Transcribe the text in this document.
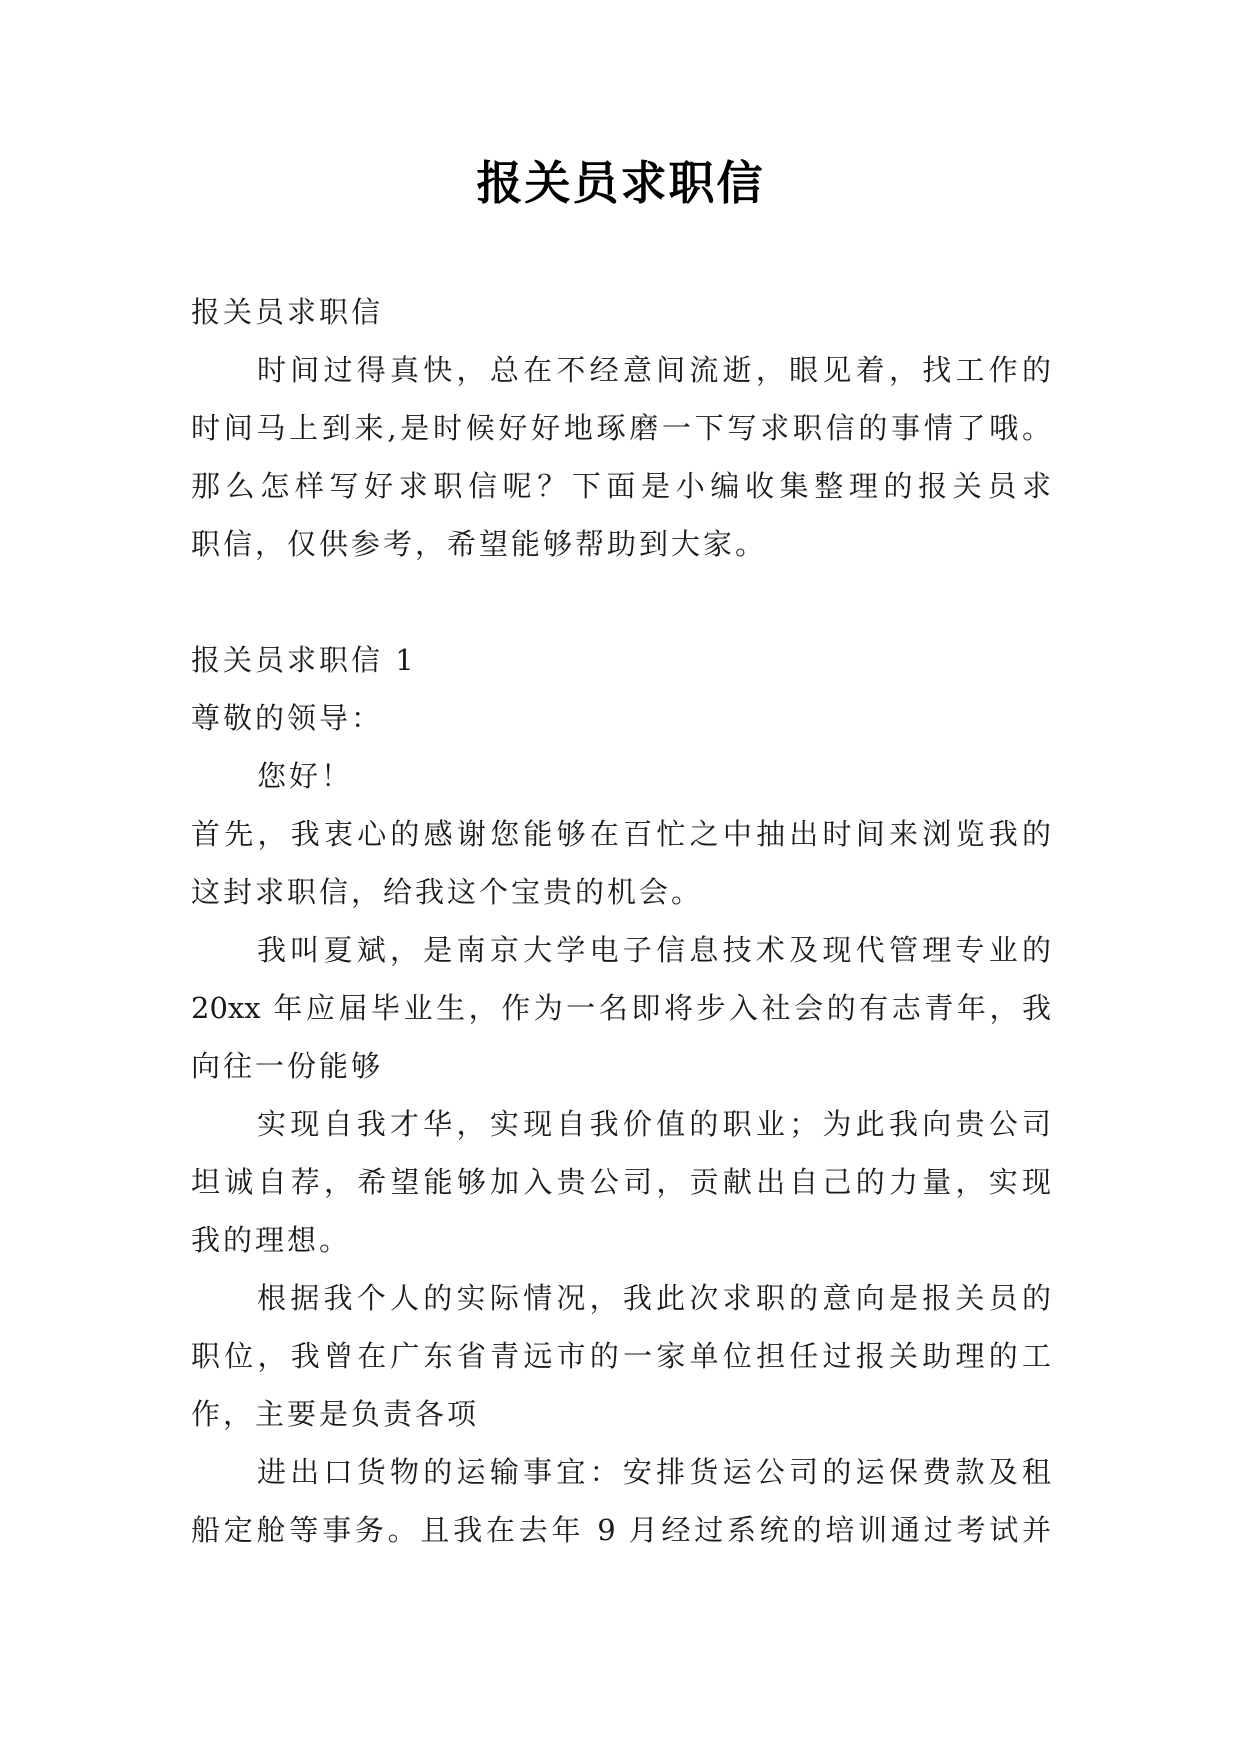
报关员求职信
报关员求职信
时间过得真快，总在不经意间流逝，眼见着，找工作的
时间马上到来,是时候好好地琢磨一下写求职信的事情了哦。
那么怎样写好求职信呢？下面是小编收集整理的报关员求
职信，仅供参考，希望能够帮助到大家。
报关员求职信 1
尊敬的领导：
您好！
首先，我衷心的感谢您能够在百忙之中抽出时间来浏览我的
这封求职信，给我这个宝贵的机会。
我叫夏斌，是南京大学电子信息技术及现代管理专业的
20xx 年应届毕业生，作为一名即将步入社会的有志青年，我
向往一份能够
实现自我才华，实现自我价值的职业；为此我向贵公司
坦诚自荐，希望能够加入贵公司，贡献出自己的力量，实现
我的理想。
根据我个人的实际情况，我此次求职的意向是报关员的
职位，我曾在广东省青远市的一家单位担任过报关助理的工
作，主要是负责各项
进出口货物的运输事宜：安排货运公司的运保费款及租
船定舱等事务。且我在去年 9 月经过系统的培训通过考试并
